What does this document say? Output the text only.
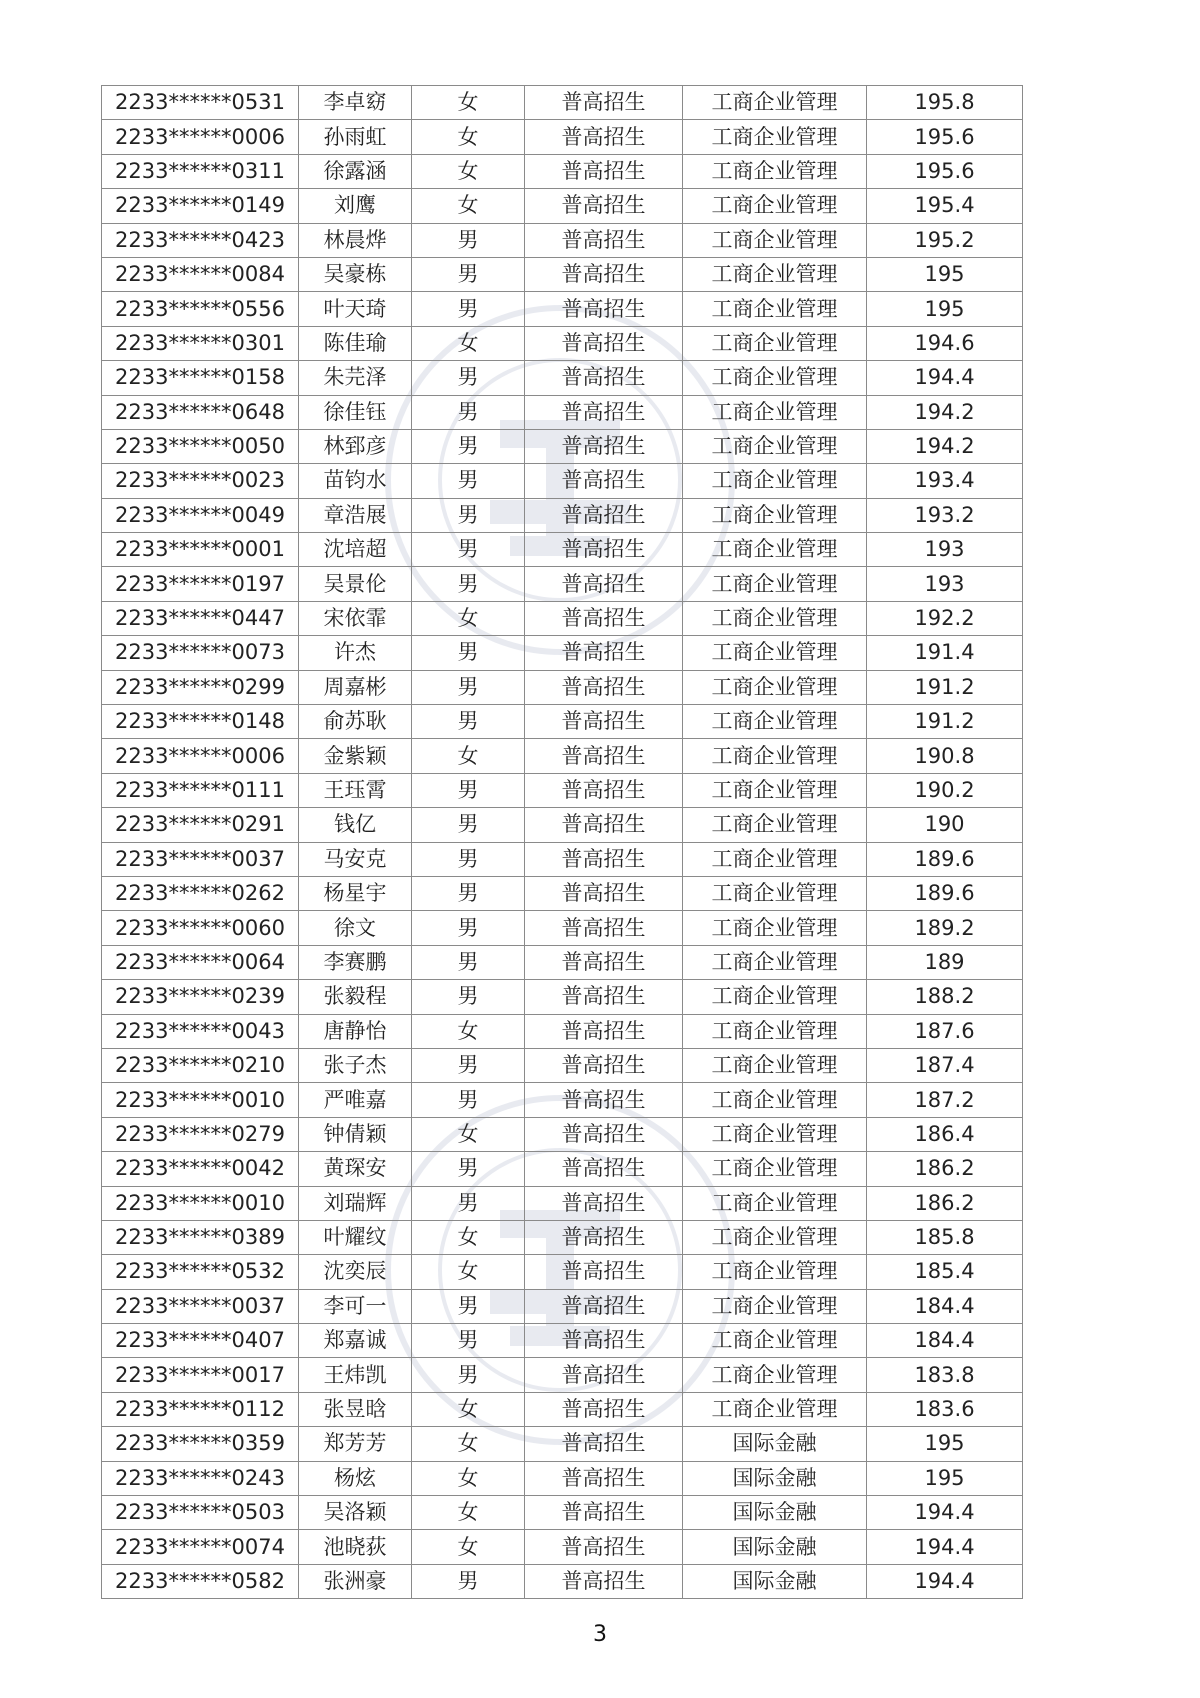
2233******0531	李卓窈	女	普高招生	工商企业管理	195.8
2233******0006	孙雨虹	女	普高招生	工商企业管理	195.6
2233******0311	徐露涵	女	普高招生	工商企业管理	195.6
2233******0149	刘鹰	女	普高招生	工商企业管理	195.4
2233******0423	林晨烨	男	普高招生	工商企业管理	195.2
2233******0084	吴豪栋	男	普高招生	工商企业管理	195
2233******0556	叶天琦	男	普高招生	工商企业管理	195
2233******0301	陈佳瑜	女	普高招生	工商企业管理	194.6
2233******0158	朱芫泽	男	普高招生	工商企业管理	194.4
2233******0648	徐佳钰	男	普高招生	工商企业管理	194.2
2233******0050	林郅彦	男	普高招生	工商企业管理	194.2
2233******0023	苗钧水	男	普高招生	工商企业管理	193.4
2233******0049	章浩展	男	普高招生	工商企业管理	193.2
2233******0001	沈培超	男	普高招生	工商企业管理	193
2233******0197	吴景伦	男	普高招生	工商企业管理	193
2233******0447	宋依霏	女	普高招生	工商企业管理	192.2
2233******0073	许杰	男	普高招生	工商企业管理	191.4
2233******0299	周嘉彬	男	普高招生	工商企业管理	191.2
2233******0148	俞苏耿	男	普高招生	工商企业管理	191.2
2233******0006	金紫颖	女	普高招生	工商企业管理	190.8
2233******0111	王珏霄	男	普高招生	工商企业管理	190.2
2233******0291	钱亿	男	普高招生	工商企业管理	190
2233******0037	马安克	男	普高招生	工商企业管理	189.6
2233******0262	杨星宇	男	普高招生	工商企业管理	189.6
2233******0060	徐文	男	普高招生	工商企业管理	189.2
2233******0064	李赛鹏	男	普高招生	工商企业管理	189
2233******0239	张毅程	男	普高招生	工商企业管理	188.2
2233******0043	唐静怡	女	普高招生	工商企业管理	187.6
2233******0210	张子杰	男	普高招生	工商企业管理	187.4
2233******0010	严唯嘉	男	普高招生	工商企业管理	187.2
2233******0279	钟倩颖	女	普高招生	工商企业管理	186.4
2233******0042	黄琛安	男	普高招生	工商企业管理	186.2
2233******0010	刘瑞辉	男	普高招生	工商企业管理	186.2
2233******0389	叶耀纹	女	普高招生	工商企业管理	185.8
2233******0532	沈奕辰	女	普高招生	工商企业管理	185.4
2233******0037	李可一	男	普高招生	工商企业管理	184.4
2233******0407	郑嘉诚	男	普高招生	工商企业管理	184.4
2233******0017	王炜凯	男	普高招生	工商企业管理	183.8
2233******0112	张昱晗	女	普高招生	工商企业管理	183.6
2233******0359	郑芳芳	女	普高招生	国际金融	195
2233******0243	杨炫	女	普高招生	国际金融	195
2233******0503	吴洛颖	女	普高招生	国际金融	194.4
2233******0074	池晓荻	女	普高招生	国际金融	194.4
2233******0582	张洲豪	男	普高招生	国际金融	194.4
3
